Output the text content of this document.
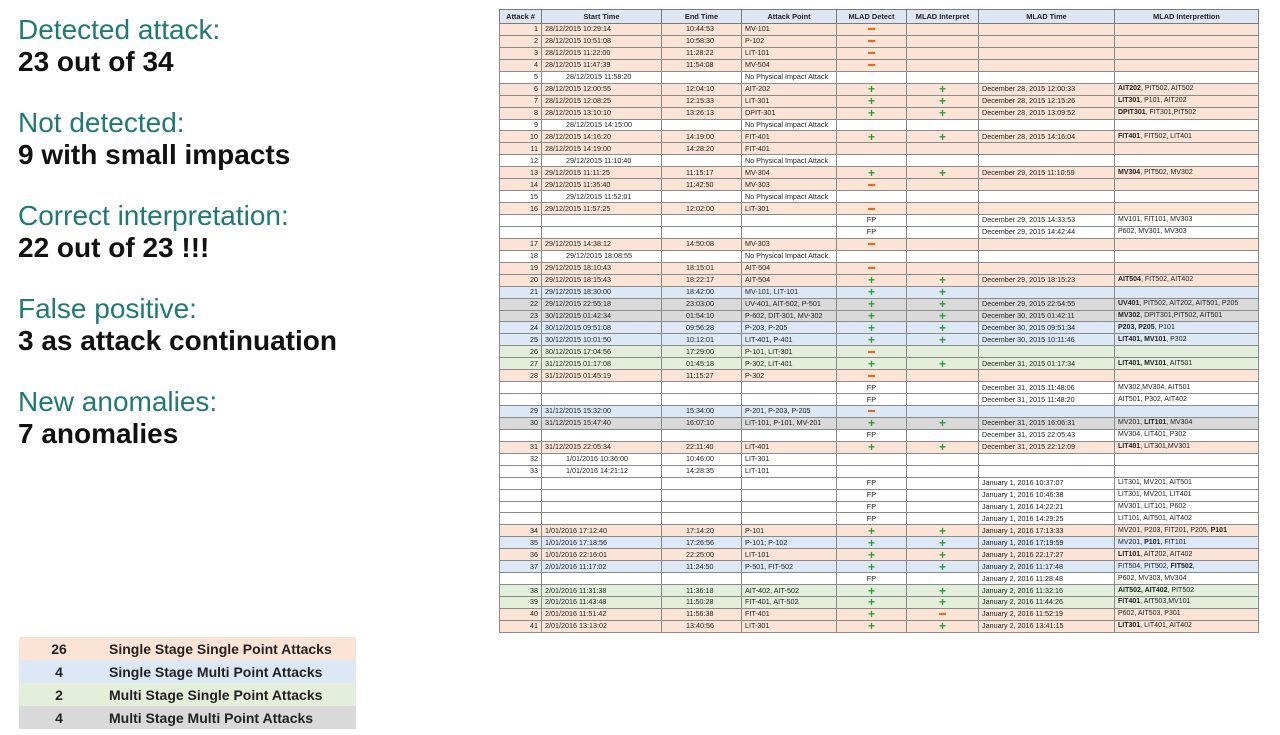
Detected attack:
23 out of 34
Not detected:
9 with small impacts
Correct interpretation:
22 out of 23 !!!
False positive:
3 as attack continuation
New anomalies:
7 anomalies
26	Single Stage Single Point Attacks
4	Single Stage Multi Point Attacks
2	Multi Stage Single Point Attacks
4	Multi Stage Multi Point Attacks
Attack #	Start Time	End Time	Attack Point	MLAD Detect	MLAD Interpret	MLAD Time	MLAD Interprettion
1	28/12/2015 10:29:14	10:44:53	MV-101	▬			
2	28/12/2015 10:51:08	10:58:30	P-102	▬			
3	28/12/2015 11:22:00	11:28:22	LIT-101	▬			
4	28/12/2015 11:47:39	11:54:08	MV-504	▬			
5	28/12/2015 11:58:20		No Physical Impact Attack				
6	28/12/2015 12:00:55	12:04:10	AIT-202	+	+	December 28, 2015 12:00:33	AIT202, PIT502, AIT502
7	28/12/2015 12:08:25	12:15:33	LIT-301	+	+	December 28, 2015 12:15:26	LIT301, P101, AIT202
8	28/12/2015 13:10:10	13:26:13	DPIT-301	+	+	December 28, 2015 13:09:52	DPIT301, FIT301,PIT502
9	28/12/2015 14:15:00		No Physical Impact Attack				
10	28/12/2015 14:16:20	14:19:00	FIT-401	+	+	December 28, 2015 14:16:04	FIT401, FIT502, LIT401
11	28/12/2015 14:19:00	14:28:20	FIT-401				
12	29/12/2015 11:10:40		No Physical Impact Attack				
13	29/12/2015 11:11:25	11:15:17	MV-304	+	+	December 29, 2015 11:10:59	MV304, PIT502, MV302
14	29/12/2015 11:35:40	11:42:50	MV-303	▬			
15	29/12/2015 11:52:01		No Physical Impact Attack				
16	29/12/2015 11:57:25	12:02:00	LIT-301	▬			
				FP		December 29, 2015 14:33:53	MV101, FIT101, MV303
				FP		December 29, 2015 14:42:44	P602, MV301, MV303
17	29/12/2015 14:38:12	14:50:08	MV-303	▬			
18	29/12/2015 18:08:55		No Physical Impact Attack				
19	29/12/2015 18:10:43	18:15:01	AIT-504	▬			
20	29/12/2015 18:15:43	18:22:17	AIT-504	+	+	December 29, 2015 18:15:23	AIT504, FIT502, AIT402
21	29/12/2015 18:30:00	18:42:00	MV-101, LIT-101	+	+		
22	29/12/2015 22:55:18	23:03:00	UV-401, AIT-502, P-501	+	+	December 29, 2015 22:54:55	UV401, PIT502, AIT202, AIT501, P205
23	30/12/2015 01:42:34	01:54:10	P-602, DIT-301, MV-302	+	+	December 30, 2015 01:42:11	MV302, DPIT301,PIT502, AIT501
24	30/12/2015 09:51:08	09:56:28	P-203, P-205	+	+	December 30, 2015 09:51:34	P203, P205, P101
25	30/12/2015 10:01:50	10:12:01	LIT-401, P-401	+	+	December 30, 2015 10:11:46	LIT401, MV101, P302
26	30/12/2015 17:04:56	17:29:00	P-101, LIT-301	▬			
27	31/12/2015 01:17:08	01:45:18	P-302, LIT-401	+	+	December 31, 2015 01:17:34	LIT401, MV101, AIT501
28	31/12/2015 01:45:19	11:15:27	P-302	▬			
				FP		December 31, 2015 11:48:06	MV302,MV304, AIT501
				FP		December 31, 2015 11:48:20	AIT501, P302, AIT402
29	31/12/2015 15:32:00	15:34:00	P-201, P-203, P-205	▬			
30	31/12/2015 15:47:40	16:07:10	LIT-101, P-101, MV-201	+	+	December 31, 2015 16:06:31	MV201, LIT101, MV304
				FP		December 31, 2015 22:05:43	MV304, LIT401, P302
31	31/12/2015 22:05:34	22:11:40	LIT-401	+	+	December 31, 2015 22:12:09	LIT401, LIT301,MV301
32	1/01/2016 10:36:00	10:46:00	LIT-301				
33	1/01/2016 14:21:12	14:28:35	LIT-101				
				FP		January 1, 2016 10:37:07	LIT301, MV201, AIT501
				FP		January 1, 2016 10:46:38	LIT301, MV201, LIT401
				FP		January 1, 2016 14:22:21	MV301, LIT101, P602
				FP		January 1, 2016 14:29:25	LIT101, AIT501, AIT402
34	1/01/2016 17:12:40	17:14:20	P-101	+	+	January 1, 2016 17:13:33	MV201, P203, FIT201, P205, P101
35	1/01/2016 17:18:56	17:26:56	P-101; P-102	+	+	January 1, 2016 17:19:59	MV201, P101, FIT101
36	1/01/2016 22:16:01	22:25:00	LIT-101	+	+	January 1, 2016 22:17:27	LIT101, AIT202, AIT402
37	2/01/2016 11:17:02	11:24:50	P-501, FIT-502	+	+	January 2, 2016 11:17:48	FIT504, PIT502, FIT502,
				FP		January 2, 2016 11:28:48	P602, MV303, MV304
38	2/01/2016 11:31:38	11:36:18	AIT-402, AIT-502	+	+	January 2, 2016 11:32:16	AIT502, AIT402, PIT502
39	2/01/2016 11:43:48	11:50:28	FIT-401, AIT-502	+	+	January 2, 2016 11:44:26	FIT401, AIT503,MV101
40	2/01/2016 11:51:42	11:56:38	FIT-401	+	▬	January 2, 2016 11:52:19	P602, AIT503, P301
41	2/01/2016 13:13:02	13:40:56	LIT-301	+	+	January 2, 2016 13:41:15	LIT301, LIT401, AIT402
